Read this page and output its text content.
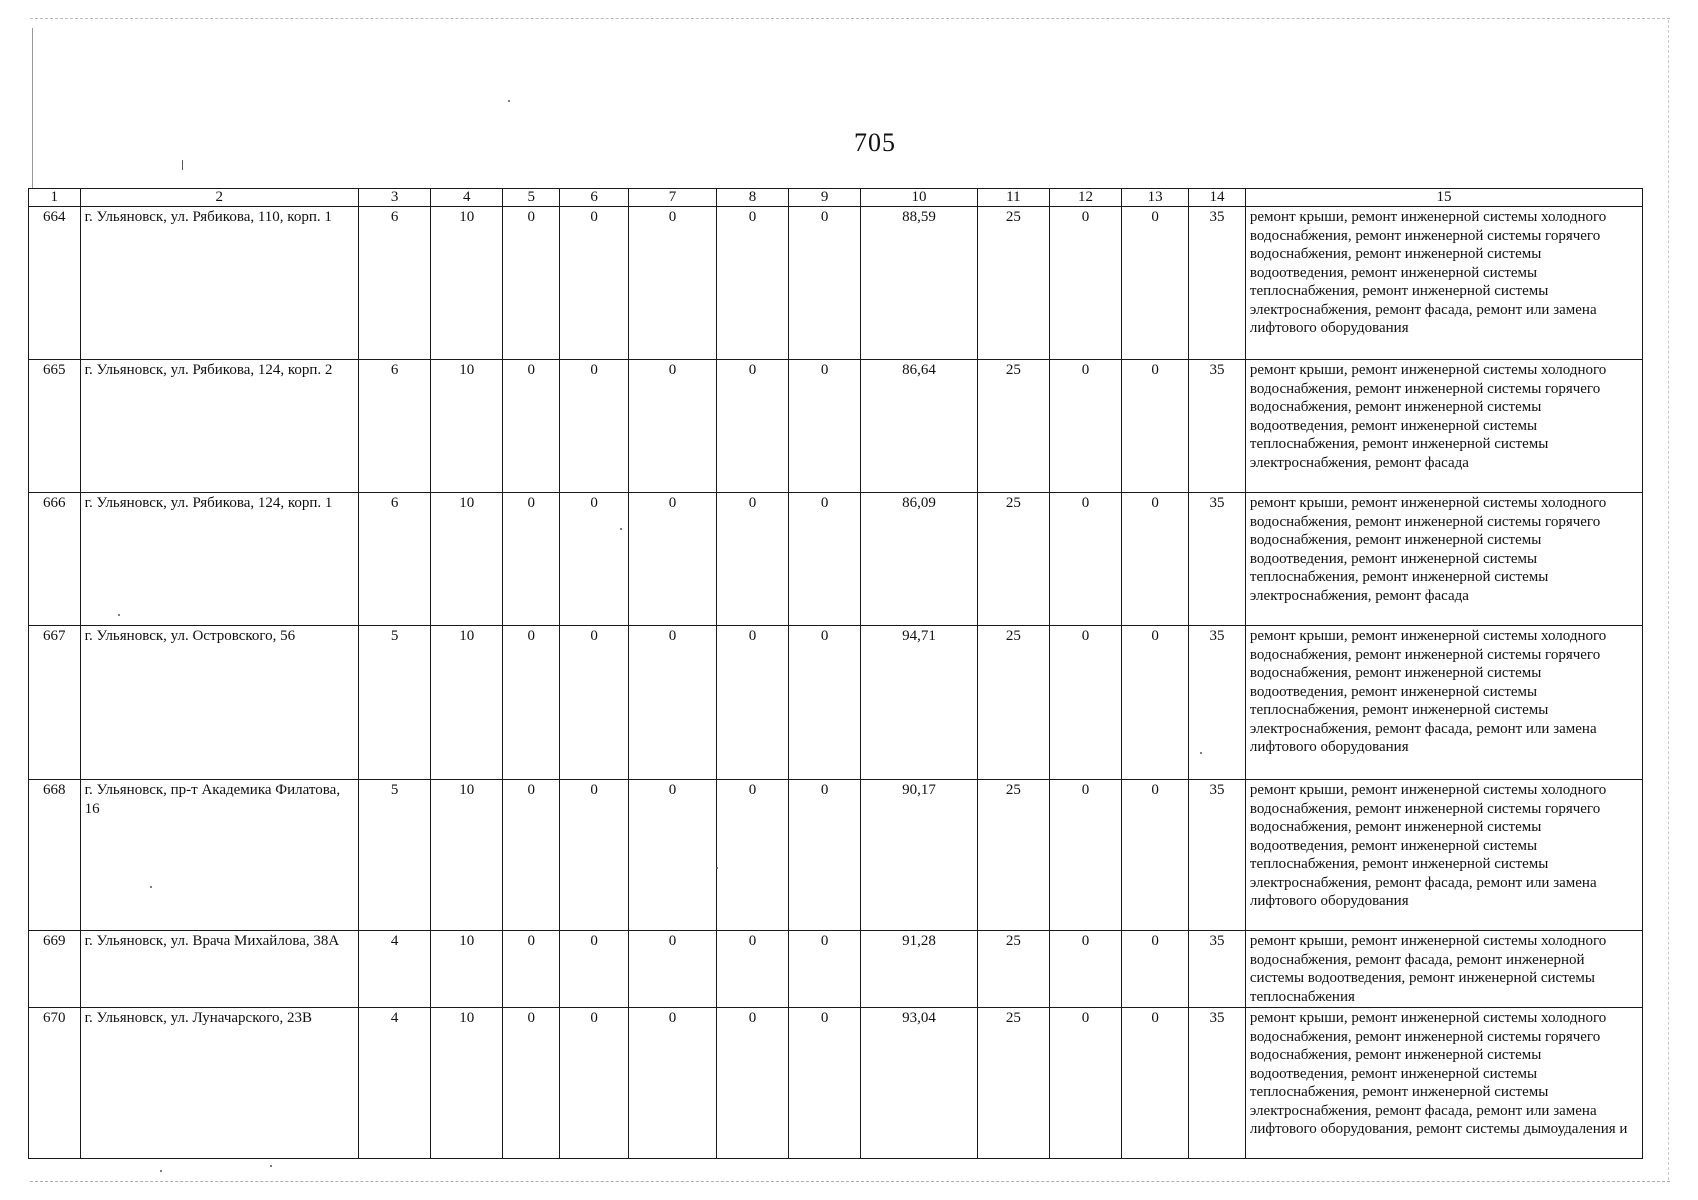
705
1	2	3	4	5	6	7	8	9	10	11	12	13	14	15
664	г. Ульяновск, ул. Рябикова, 110, корп. 1	6	10	0	0	0	0	0	88,59	25	0	0	35	ремонт крыши, ремонт инженерной системы холодного водоснабжения, ремонт инженерной системы горячего водоснабжения, ремонт инженерной системы водоотведения, ремонт инженерной системы теплоснабжения, ремонт инженерной системы электроснабжения, ремонт фасада, ремонт или замена лифтового оборудования
665	г. Ульяновск, ул. Рябикова, 124, корп. 2	6	10	0	0	0	0	0	86,64	25	0	0	35	ремонт крыши, ремонт инженерной системы холодного водоснабжения, ремонт инженерной системы горячего водоснабжения, ремонт инженерной системы водоотведения, ремонт инженерной системы теплоснабжения, ремонт инженерной системы электроснабжения, ремонт фасада
666	г. Ульяновск, ул. Рябикова, 124, корп. 1	6	10	0	0	0	0	0	86,09	25	0	0	35	ремонт крыши, ремонт инженерной системы холодного водоснабжения, ремонт инженерной системы горячего водоснабжения, ремонт инженерной системы водоотведения, ремонт инженерной системы теплоснабжения, ремонт инженерной системы электроснабжения, ремонт фасада
667	г. Ульяновск, ул. Островского, 56	5	10	0	0	0	0	0	94,71	25	0	0	35	ремонт крыши, ремонт инженерной системы холодного водоснабжения, ремонт инженерной системы горячего водоснабжения, ремонт инженерной системы водоотведения, ремонт инженерной системы теплоснабжения, ремонт инженерной системы электроснабжения, ремонт фасада, ремонт или замена лифтового оборудования
668	г. Ульяновск, пр-т Академика Филатова, 16	5	10	0	0	0	0	0	90,17	25	0	0	35	ремонт крыши, ремонт инженерной системы холодного водоснабжения, ремонт инженерной системы горячего водоснабжения, ремонт инженерной системы водоотведения, ремонт инженерной системы теплоснабжения, ремонт инженерной системы электроснабжения, ремонт фасада, ремонт или замена лифтового оборудования
669	г. Ульяновск, ул. Врача Михайлова, 38А	4	10	0	0	0	0	0	91,28	25	0	0	35	ремонт крыши, ремонт инженерной системы холодного водоснабжения, ремонт фасада, ремонт инженерной системы водоотведения, ремонт инженерной системы теплоснабжения
670	г. Ульяновск, ул. Луначарского, 23В	4	10	0	0	0	0	0	93,04	25	0	0	35	ремонт крыши, ремонт инженерной системы холодного водоснабжения, ремонт инженерной системы горячего водоснабжения, ремонт инженерной системы водоотведения, ремонт инженерной системы теплоснабжения, ремонт инженерной системы электроснабжения, ремонт фасада, ремонт или замена лифтового оборудования, ремонт системы дымоудаления и
